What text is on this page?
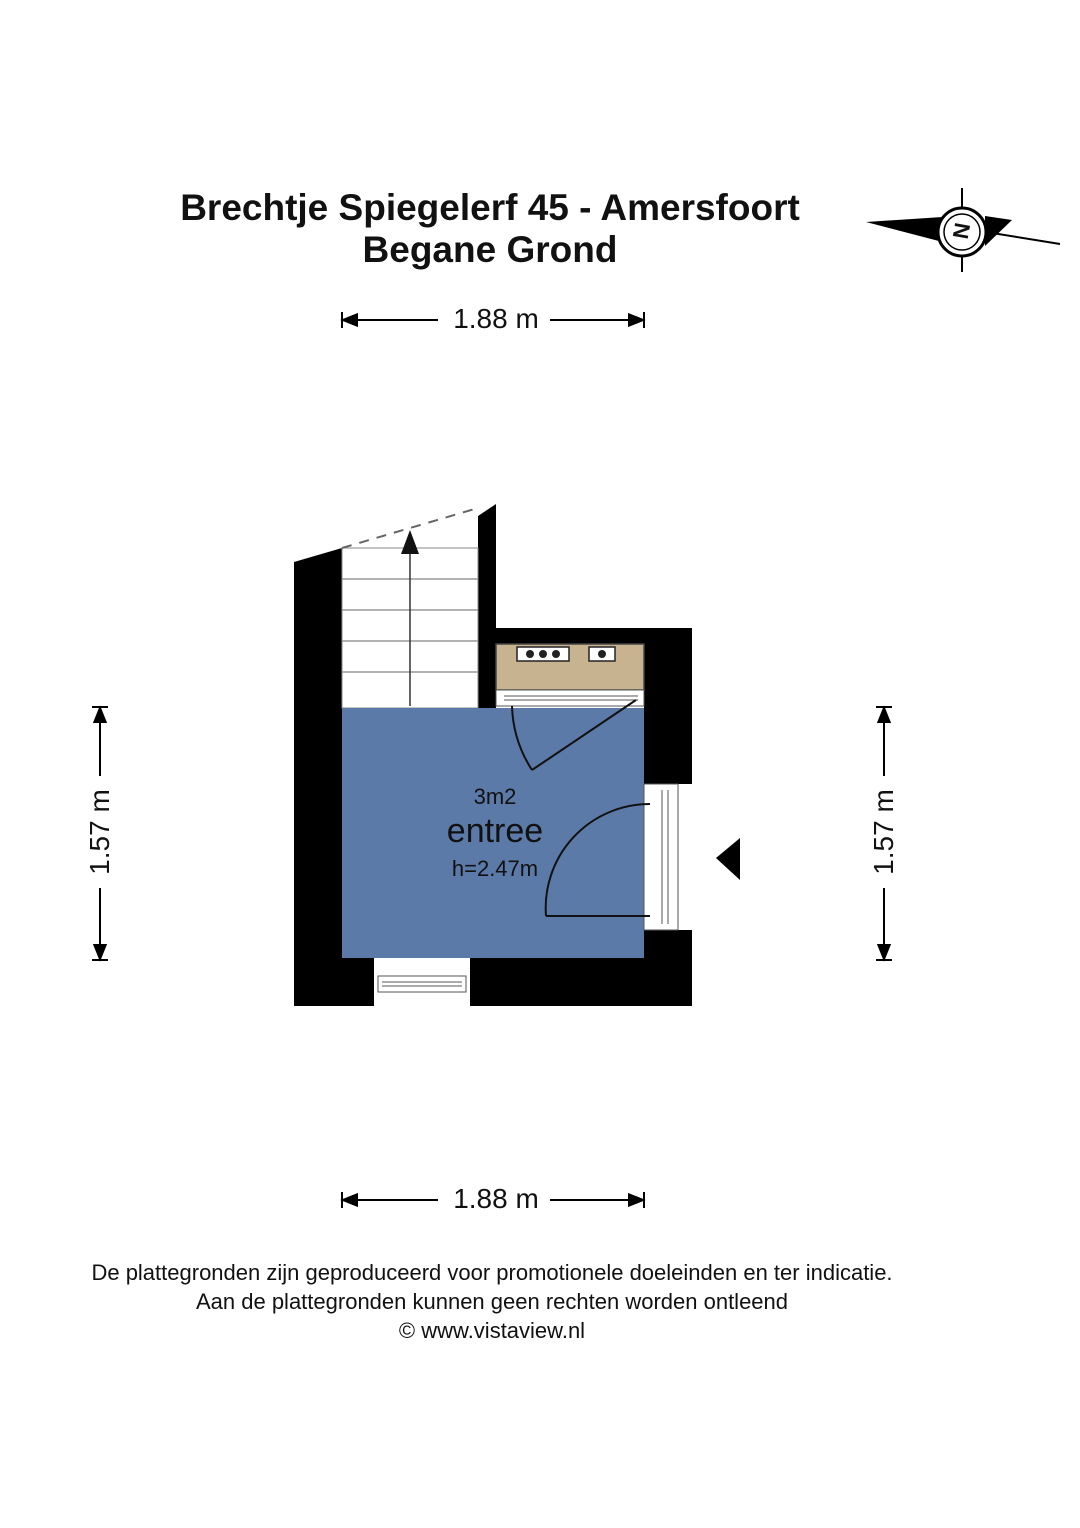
Brechtje Spiegelerf 45 - Amersfoort
Begane Grond	N
1.88 m
1.88 m
1.57 m	1.57 m
3m2
entree
h=2.47m
De plattegronden zijn geproduceerd voor promotionele doeleinden en ter indicatie.
Aan de plattegronden kunnen geen rechten worden ontleend
© www.vistaview.nl
